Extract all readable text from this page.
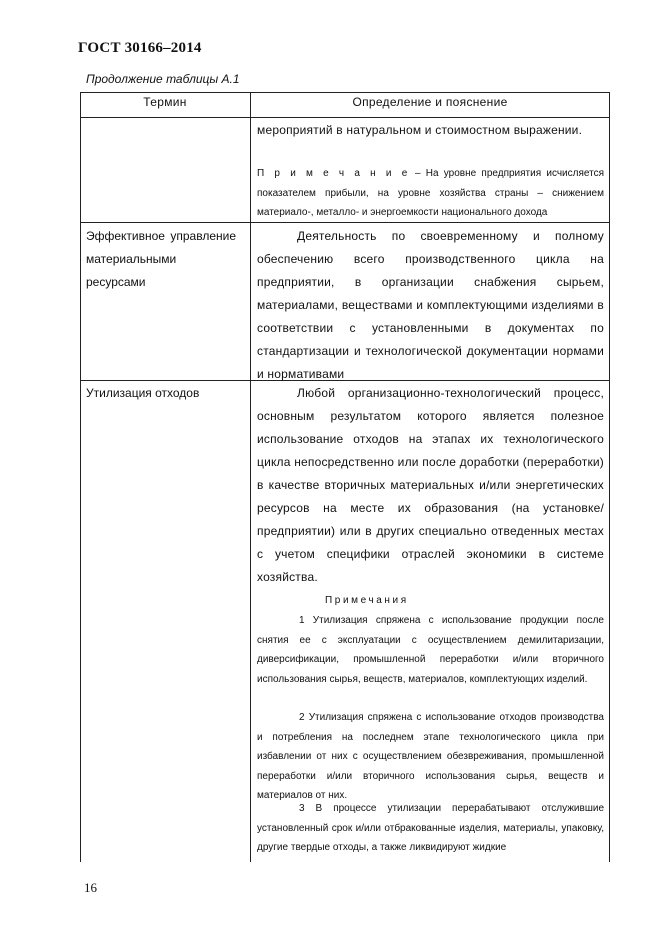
ГОСТ 30166–2014
Продолжение таблицы А.1
Термин	Определение и пояснение
мероприятий в натуральном и стоимостном выражении.
П р и м е ч а н и е – На уровне предприятия исчисляется показателем прибыли, на уровне хозяйства страны – снижением материало-, металло- и энергоемкости национального дохода
Эффективное управление материальными ресурсами
Деятельность по своевременному и полному обеспечению всего производственного цикла на предприятии, в организации снабжения сырьем, материалами, веществами и комплектующими изделиями в соответствии с установленными в документах по стандартизации и технологической документации нормами и нормативами
Утилизация отходов	Любой организационно-технологический процесс, основным результатом которого является полезное использование отходов на этапах их технологического цикла непосредственно или после доработки (переработки) в качестве вторичных материальных и/или энергетических ресурсов на месте их образования (на установке/предприятии) или в других специально отведенных местах с учетом специфики отраслей экономики в системе хозяйства.
Примечания
1 Утилизация спряжена с использование продукции после снятия ее с эксплуатации с осуществлением демилитаризации, диверсификации, промышленной переработки и/или вторичного использования сырья, веществ, материалов, комплектующих изделий.
2 Утилизация спряжена с использование отходов производства и потребления на последнем этапе технологического цикла при избавлении от них с осуществлением обезвреживания, промышленной переработки и/или вторичного использования сырья, веществ и материалов от них.
3 В процессе утилизации перерабатывают отслужившие установленный срок и/или отбракованные изделия, материалы, упаковку, другие твердые отходы, а также ликвидируют жидкие
16
